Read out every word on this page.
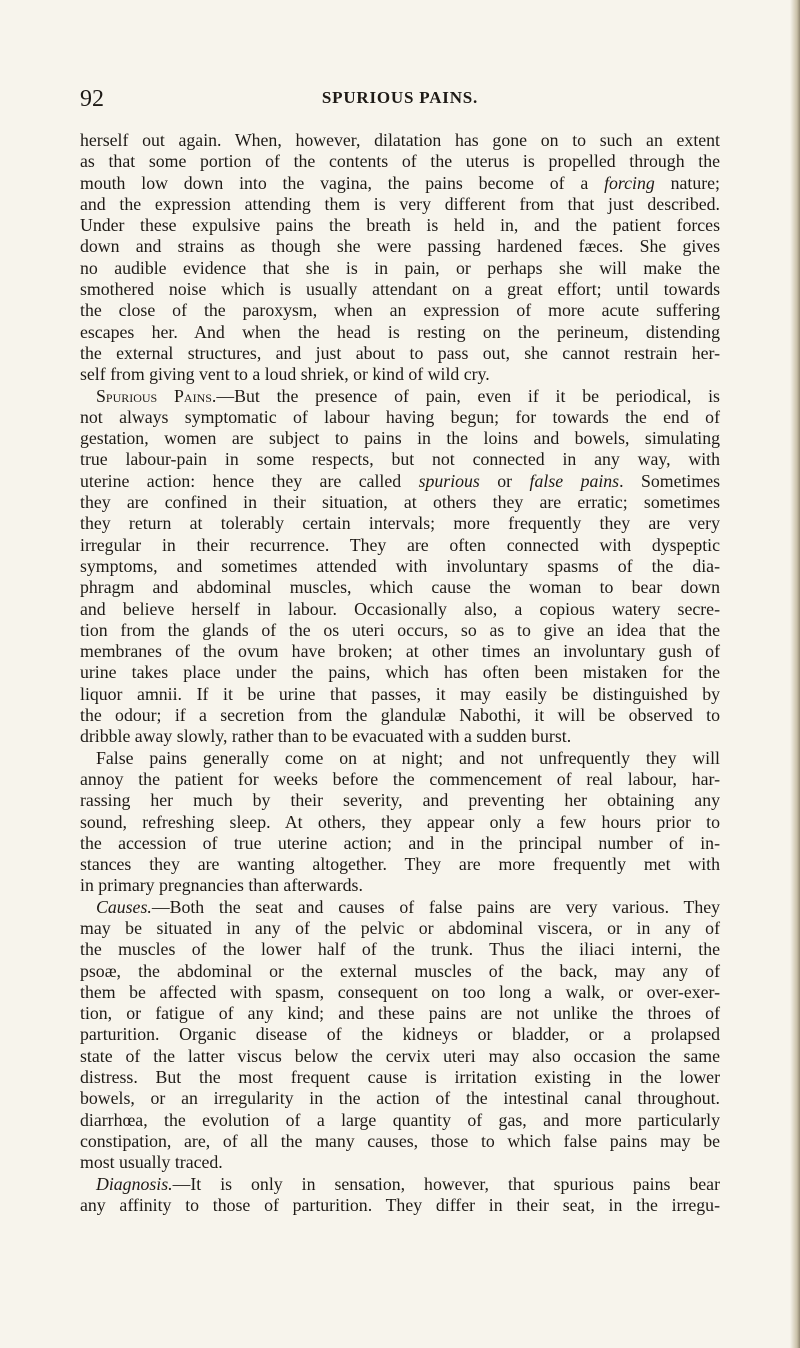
92	SPURIOUS PAINS.
herself out again. When, however, dilatation has gone on to such an extent
as that some portion of the contents of the uterus is propelled through the
mouth low down into the vagina, the pains become of a forcing nature;
and the expression attending them is very different from that just described.
Under these expulsive pains the breath is held in, and the patient forces
down and strains as though she were passing hardened fæces. She gives
no audible evidence that she is in pain, or perhaps she will make the
smothered noise which is usually attendant on a great effort; until towards
the close of the paroxysm, when an expression of more acute suffering
escapes her. And when the head is resting on the perineum, distending
the external structures, and just about to pass out, she cannot restrain her-
self from giving vent to a loud shriek, or kind of wild cry.
Spurious Pains.—But the presence of pain, even if it be periodical, is
not always symptomatic of labour having begun; for towards the end of
gestation, women are subject to pains in the loins and bowels, simulating
true labour-pain in some respects, but not connected in any way, with
uterine action: hence they are called spurious or false pains. Sometimes
they are confined in their situation, at others they are erratic; sometimes
they return at tolerably certain intervals; more frequently they are very
irregular in their recurrence. They are often connected with dyspeptic
symptoms, and sometimes attended with involuntary spasms of the dia-
phragm and abdominal muscles, which cause the woman to bear down
and believe herself in labour. Occasionally also, a copious watery secre-
tion from the glands of the os uteri occurs, so as to give an idea that the
membranes of the ovum have broken; at other times an involuntary gush of
urine takes place under the pains, which has often been mistaken for the
liquor amnii. If it be urine that passes, it may easily be distinguished by
the odour; if a secretion from the glandulæ Nabothi, it will be observed to
dribble away slowly, rather than to be evacuated with a sudden burst.
False pains generally come on at night; and not unfrequently they will
annoy the patient for weeks before the commencement of real labour, har-
rassing her much by their severity, and preventing her obtaining any
sound, refreshing sleep. At others, they appear only a few hours prior to
the accession of true uterine action; and in the principal number of in-
stances they are wanting altogether. They are more frequently met with
in primary pregnancies than afterwards.
Causes.—Both the seat and causes of false pains are very various. They
may be situated in any of the pelvic or abdominal viscera, or in any of
the muscles of the lower half of the trunk. Thus the iliaci interni, the
psoæ, the abdominal or the external muscles of the back, may any of
them be affected with spasm, consequent on too long a walk, or over-exer-
tion, or fatigue of any kind; and these pains are not unlike the throes of
parturition. Organic disease of the kidneys or bladder, or a prolapsed
state of the latter viscus below the cervix uteri may also occasion the same
distress. But the most frequent cause is irritation existing in the lower
bowels, or an irregularity in the action of the intestinal canal throughout.
diarrhœa, the evolution of a large quantity of gas, and more particularly
constipation, are, of all the many causes, those to which false pains may be
most usually traced.
Diagnosis.—It is only in sensation, however, that spurious pains bear
any affinity to those of parturition. They differ in their seat, in the irregu-
